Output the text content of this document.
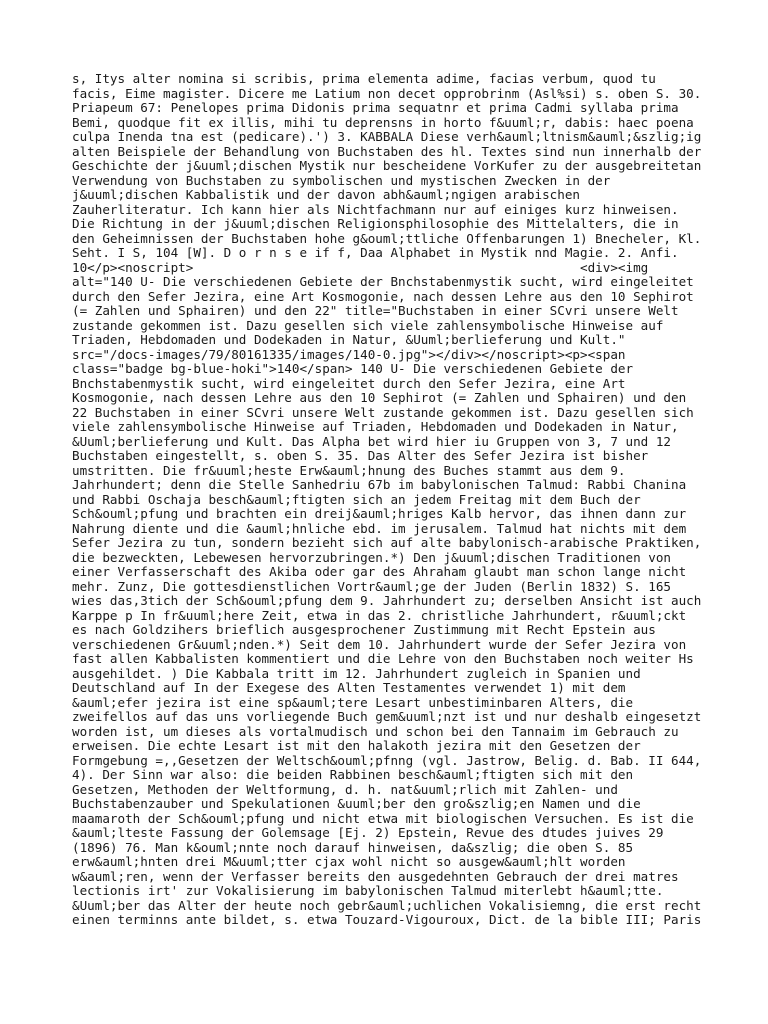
s, Itys alter nomina si scribis, prima elementa adime, facias verbum, quod tu
facis, Eime magister. Dicere me Latium non decet opprobrinm (Asl%si) s. oben S. 30.
Priapeum 67: Penelopes prima Didonis prima sequatnr et prima Cadmi syllaba prima
Bemi, quodque fit ex illis, mihi tu deprensns in horto f&uuml;r, dabis: haec poena
culpa Inenda tna est (pedicare).') 3. KABBALA Diese verh&auml;ltnism&auml;&szlig;ig
alten Beispiele der Behandlung von Buchstaben des hl. Textes sind nun innerhalb der
Geschichte der j&uuml;dischen Mystik nur bescheidene VorKufer zu der ausgebreitetan
Verwendung von Buchstaben zu symbolischen und mystischen Zwecken in der
j&uuml;dischen Kabbalistik und der davon abh&auml;ngigen arabischen
Zauherliteratur. Ich kann hier als Nichtfachmann nur auf einiges kurz hinweisen.
Die Richtung in der j&uuml;dischen Religionsphilosophie des Mittelalters, die in
den Geheimnissen der Buchstaben hohe g&ouml;ttliche Offenbarungen 1) Bnecheler, Kl.
Seht. I S, 104 [W]. D o r n s e if f, Daa Alphabet in Mystik nnd Magie. 2. Anfi.
10</p><noscript>                                                   <div><img
alt="140 U- Die verschiedenen Gebiete der Bnchstabenmystik sucht, wird eingeleitet
durch den Sefer Jezira, eine Art Kosmogonie, nach dessen Lehre aus den 10 Sephirot
(= Zahlen und Sphairen) und den 22" title="Buchstaben in einer SCvri unsere Welt
zustande gekommen ist. Dazu gesellen sich viele zahlensymbolische Hinweise auf
Triaden, Hebdomaden und Dodekaden in Natur, &Uuml;berlieferung und Kult."
src="/docs-images/79/80161335/images/140-0.jpg"></div></noscript><p><span
class="badge bg-blue-hoki">140</span> 140 U- Die verschiedenen Gebiete der
Bnchstabenmystik sucht, wird eingeleitet durch den Sefer Jezira, eine Art
Kosmogonie, nach dessen Lehre aus den 10 Sephirot (= Zahlen und Sphairen) und den
22 Buchstaben in einer SCvri unsere Welt zustande gekommen ist. Dazu gesellen sich
viele zahlensymbolische Hinweise auf Triaden, Hebdomaden und Dodekaden in Natur,
&Uuml;berlieferung und Kult. Das Alpha bet wird hier iu Gruppen von 3, 7 und 12
Buchstaben eingestellt, s. oben S. 35. Das Alter des Sefer Jezira ist bisher
umstritten. Die fr&uuml;heste Erw&auml;hnung des Buches stammt aus dem 9.
Jahrhundert; denn die Stelle Sanhedriu 67b im babylonischen Talmud: Rabbi Chanina
und Rabbi Oschaja besch&auml;ftigten sich an jedem Freitag mit dem Buch der
Sch&ouml;pfung und brachten ein dreij&auml;hriges Kalb hervor, das ihnen dann zur
Nahrung diente und die &auml;hnliche ebd. im jerusalem. Talmud hat nichts mit dem
Sefer Jezira zu tun, sondern bezieht sich auf alte babylonisch-arabische Praktiken,
die bezweckten, Lebewesen hervorzubringen.*) Den j&uuml;dischen Traditionen von
einer Verfasserschaft des Akiba oder gar des Ahraham glaubt man schon lange nicht
mehr. Zunz, Die gottesdienstlichen Vortr&auml;ge der Juden (Berlin 1832) S. 165
wies das,3tich der Sch&ouml;pfung dem 9. Jahrhundert zu; derselben Ansicht ist auch
Karppe p In fr&uuml;here Zeit, etwa in das 2. christliche Jahrhundert, r&uuml;ckt
es nach Goldzihers brieflich ausgesprochener Zustimmung mit Recht Epstein aus
verschiedenen Gr&uuml;nden.*) Seit dem 10. Jahrhundert wurde der Sefer Jezira von
fast allen Kabbalisten kommentiert und die Lehre von den Buchstaben noch weiter Hs
ausgehildet. ) Die Kabbala tritt im 12. Jahrhundert zugleich in Spanien und
Deutschland auf In der Exegese des Alten Testamentes verwendet 1) mit dem
&auml;efer jezira ist eine sp&auml;tere Lesart unbestiminbaren Alters, die
zweifellos auf das uns vorliegende Buch gem&uuml;nzt ist und nur deshalb eingesetzt
worden ist, um dieses als vortalmudisch und schon bei den Tannaim im Gebrauch zu
erweisen. Die echte Lesart ist mit den halakoth jezira mit den Gesetzen der
Formgebung =,,Gesetzen der Weltsch&ouml;pfnng (vgl. Jastrow, Belig. d. Bab. II 644,
4). Der Sinn war also: die beiden Rabbinen besch&auml;ftigten sich mit den
Gesetzen, Methoden der Weltformung, d. h. nat&uuml;rlich mit Zahlen- und
Buchstabenzauber und Spekulationen &uuml;ber den gro&szlig;en Namen und die
maamaroth der Sch&ouml;pfung und nicht etwa mit biologischen Versuchen. Es ist die
&auml;lteste Fassung der Golemsage [Ej. 2) Epstein, Revue des dtudes juives 29
(1896) 76. Man k&ouml;nnte noch darauf hinweisen, da&szlig; die oben S. 85
erw&auml;hnten drei M&uuml;tter cjax wohl nicht so ausgew&auml;hlt worden
w&auml;ren, wenn der Verfasser bereits den ausgedehnten Gebrauch der drei matres
lectionis irt' zur Vokalisierung im babylonischen Talmud miterlebt h&auml;tte.
&Uuml;ber das Alter der heute noch gebr&auml;uchlichen Vokalisiemng, die erst recht
einen terminns ante bildet, s. etwa Touzard-Vigouroux, Dict. de la bible III; Paris
